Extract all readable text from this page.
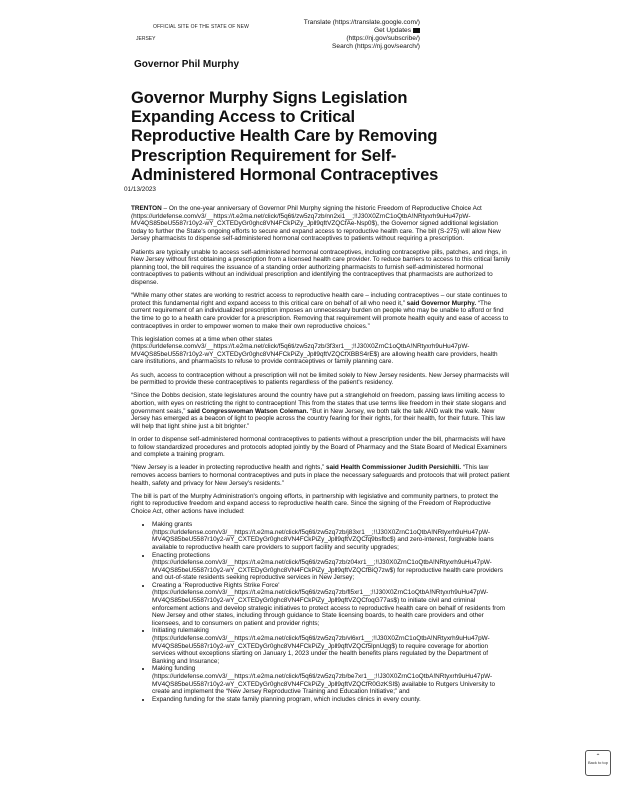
OFFICIAL SITE OF THE STATE OF NEW
JERSEY
Translate (https://translate.google.com/)
Get Updates
(https://nj.gov/subscribe/)
Search (https://nj.gov/search/)
Governor Phil Murphy
Governor Murphy Signs Legislation Expanding Access to Critical Reproductive Health Care by Removing Prescription Requirement for Self-Administered Hormonal Contraceptives
01/13/2023

TRENTON – On the one-year anniversary of Governor Phil Murphy signing the historic Freedom of Reproductive Choice Act (https://urldefense.com/v3/__https://t.e2ma.net/click/f5q6ti/zw5zq7zb/nn2xi1__;!!J30X0ZrnC1oQtbA!NRtyxrh9uHu47pW-MV4QS85beU5587r10y2-wY_CXTEDyGr0ghc8VN4FCkPiZy_Jpll9qftVZQCfAe-Nsp0$), the Governor signed additional legislation today to further the State's ongoing efforts to secure and expand access to reproductive health care. The bill (S-275) will allow New Jersey pharmacists to dispense self-administered hormonal contraceptives to patients without requiring a prescription.

Patients are typically unable to access self-administered hormonal contraceptives, including contraceptive pills, patches, and rings, in New Jersey without first obtaining a prescription from a licensed health care provider. To reduce barriers to access to this critical family planning tool, the bill requires the issuance of a standing order authorizing pharmacists to furnish self-administered hormonal contraceptives to patients without an individual prescription and identifying the contraceptives that pharmacists are authorized to dispense.

“While many other states are working to restrict access to reproductive health care – including contraceptives – our state continues to protect this fundamental right and expand access to this critical care on behalf of all who need it,” said Governor Murphy. “The current requirement of an individualized prescription imposes an unnecessary burden on people who may be unable to afford or find the time to go to a health care provider for a prescription. Removing that requirement will promote health equity and ease of access to contraceptives in order to empower women to make their own reproductive choices.”

This legislation comes at a time when other states (https://urldefense.com/v3/__https://t.e2ma.net/click/f5q6ti/zw5zq7zb/3f3xr1__;!!J30X0ZrnC1oQtbA!NRtyxrh9uHu47pW-MV4QS85beU5587r10y2-wY_CXTEDyGr0ghc8VN4FCkPiZy_Jpll9qftVZQCfXBBS4rE$) are allowing health care providers, health care institutions, and pharmacists to refuse to provide contraceptives or family planning care.

As such, access to contraception without a prescription will not be limited solely to New Jersey residents. New Jersey pharmacists will be permitted to provide these contraceptives to patients regardless of the patient's residency.

“Since the Dobbs decision, state legislatures around the country have put a stranglehold on freedom, passing laws limiting access to abortion, with eyes on restricting the right to contraception! This from the states that use terms like freedom in their state slogans and government seals,” said Congresswoman Watson Coleman. “But in New Jersey, we both talk the talk AND walk the walk. New Jersey has emerged as a beacon of light to people across the country fearing for their rights, for their health, for their future. This law will help that light shine just a bit brighter.”

In order to dispense self-administered hormonal contraceptives to patients without a prescription under the bill, pharmacists will have to follow standardized procedures and protocols adopted jointly by the Board of Pharmacy and the State Board of Medical Examiners and complete a training program.

“New Jersey is a leader in protecting reproductive health and rights,” said Health Commissioner Judith Persichilli. “This law removes access barriers to hormonal contraceptives and puts in place the necessary safeguards and protocols that will protect patient health, safety and privacy for New Jersey's residents.”

The bill is part of the Murphy Administration's ongoing efforts, in partnership with legislative and community partners, to protect the right to reproductive freedom and expand access to reproductive health care. Since the signing of the Freedom of Reproductive Choice Act, other actions have included:

• Making grants (https://urldefense.com/v3/__https://t.e2ma.net/click/f5q6ti/zw5zq7zb/j83xr1__;!!J30X0ZrnC1oQtbA!NRtyxrh9uHu47pW-MV4QS85beU5587r10y2-wY_CXTEDyGr0ghc8VN4FCkPiZy_Jpll9qftVZQCfq9bsfbc$) and zero-interest, forgivable loans available to reproductive health care providers to support facility and security upgrades;
• Enacting protections (https://urldefense.com/v3/__https://t.e2ma.net/click/f5q6ti/zw5zq7zb/z04xr1__;!!J30X0ZrnC1oQtbA!NRtyxrh9uHu47pW-MV4QS85beU5587r10y2-wY_CXTEDyGr0ghc8VN4FCkPiZy_Jpll9qftVZQCfBiQ7zw$) for reproductive health care providers and out-of-state residents seeking reproductive services in New Jersey;
• Creating a 'Reproductive Rights Strike Force' (https://urldefense.com/v3/__https://t.e2ma.net/click/f5q6ti/zw5zq7zb/fl5xr1__;!!J30X0ZrnC1oQtbA!NRtyxrh9uHu47pW-MV4QS85beU5587r10y2-wY_CXTEDyGr0ghc8VN4FCkPiZy_Jpll9qftVZQCfoqG77as$) to initiate civil and criminal enforcement actions and develop strategic initiatives to protect access to reproductive health care on behalf of residents from New Jersey and other states, including through guidance to State licensing boards, to health care providers and other licensees, and to consumers on patient and provider rights;
• Initiating rulemaking (https://urldefense.com/v3/__https://t.e2ma.net/click/f5q6ti/zw5zq7zb/vl6xr1__;!!J30X0ZrnC1oQtbA!NRtyxrh9uHu47pW-MV4QS85beU5587r10y2-wY_CXTEDyGr0ghc8VN4FCkPiZy_Jpll9qftVZQCf5lpnUqg$) to require coverage for abortion services without exceptions starting on January 1, 2023 under the health benefits plans regulated by the Department of Banking and Insurance;
• Making funding (https://urldefense.com/v3/__https://t.e2ma.net/click/f5q6ti/zw5zq7zb/be7xr1__;!!J30X0ZrnC1oQtbA!NRtyxrh9uHu47pW-MV4QS85beU5587r10y2-wY_CXTEDyGr0ghc8VN4FCkPiZy_Jpll9qftVZQCfR0GzKSI$) available to Rutgers University to create and implement the “New Jersey Reproductive Training and Education Initiative;” and
• Expanding funding for the state family planning program, which includes clinics in every county.
⌃
Back to top
